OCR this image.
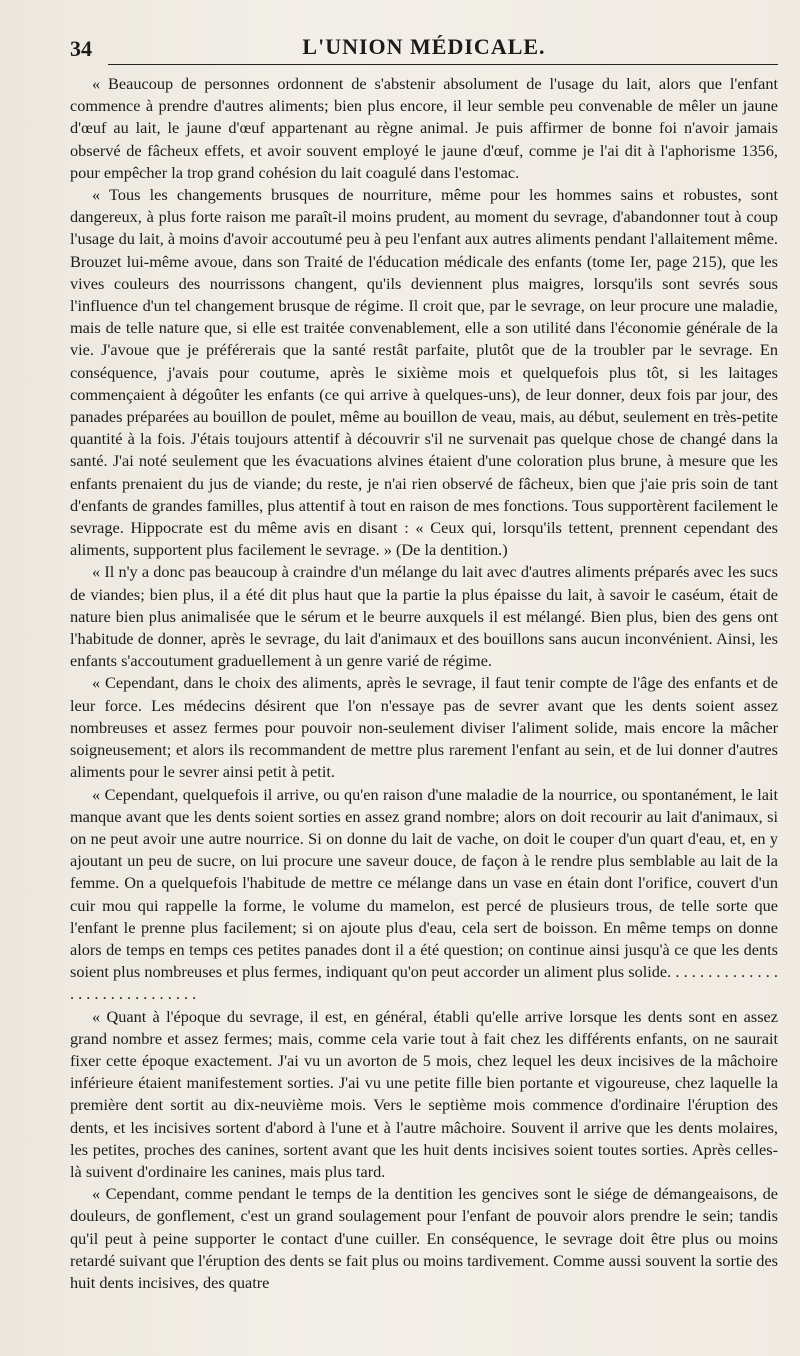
34	L'UNION MÉDICALE.

« Beaucoup de personnes ordonnent de s'abstenir absolument de l'usage du lait, alors que l'enfant commence à prendre d'autres aliments; bien plus encore, il leur semble peu convenable de mêler un jaune d'œuf au lait, le jaune d'œuf appartenant au règne animal. Je puis affirmer de bonne foi n'avoir jamais observé de fâcheux effets, et avoir souvent employé le jaune d'œuf, comme je l'ai dit à l'aphorisme 1356, pour empêcher la trop grand cohésion du lait coagulé dans l'estomac.

« Tous les changements brusques de nourriture, même pour les hommes sains et robustes, sont dangereux, à plus forte raison me paraît-il moins prudent, au moment du sevrage, d'abandonner tout à coup l'usage du lait, à moins d'avoir accoutumé peu à peu l'enfant aux autres aliments pendant l'allaitement même. Brouzet lui-même avoue, dans son Traité de l'éducation médicale des enfants (tome Ier, page 215), que les vives couleurs des nourrissons changent, qu'ils deviennent plus maigres, lorsqu'ils sont sevrés sous l'influence d'un tel changement brusque de régime. Il croit que, par le sevrage, on leur procure une maladie, mais de telle nature que, si elle est traitée convenablement, elle a son utilité dans l'économie générale de la vie. J'avoue que je préférerais que la santé restât parfaite, plutôt que de la troubler par le sevrage. En conséquence, j'avais pour coutume, après le sixième mois et quelquefois plus tôt, si les laitages commençaient à dégoûter les enfants (ce qui arrive à quelques-uns), de leur donner, deux fois par jour, des panades préparées au bouillon de poulet, même au bouillon de veau, mais, au début, seulement en très-petite quantité à la fois. J'étais toujours attentif à découvrir s'il ne survenait pas quelque chose de changé dans la santé. J'ai noté seulement que les évacuations alvines étaient d'une coloration plus brune, à mesure que les enfants prenaient du jus de viande; du reste, je n'ai rien observé de fâcheux, bien que j'aie pris soin de tant d'enfants de grandes familles, plus attentif à tout en raison de mes fonctions. Tous supportèrent facilement le sevrage. Hippocrate est du même avis en disant : « Ceux qui, lorsqu'ils tettent, prennent cependant des aliments, supportent plus facilement le sevrage. » (De la dentition.)

« Il n'y a donc pas beaucoup à craindre d'un mélange du lait avec d'autres aliments préparés avec les sucs de viandes; bien plus, il a été dit plus haut que la partie la plus épaisse du lait, à savoir le caséum, était de nature bien plus animalisée que le sérum et le beurre auxquels il est mélangé. Bien plus, bien des gens ont l'habitude de donner, après le sevrage, du lait d'animaux et des bouillons sans aucun inconvénient. Ainsi, les enfants s'accoutument graduellement à un genre varié de régime.

« Cependant, dans le choix des aliments, après le sevrage, il faut tenir compte de l'âge des enfants et de leur force. Les médecins désirent que l'on n'essaye pas de sevrer avant que les dents soient assez nombreuses et assez fermes pour pouvoir non-seulement diviser l'aliment solide, mais encore la mâcher soigneusement; et alors ils recommandent de mettre plus rarement l'enfant au sein, et de lui donner d'autres aliments pour le sevrer ainsi petit à petit.

« Cependant, quelquefois il arrive, ou qu'en raison d'une maladie de la nourrice, ou spontanément, le lait manque avant que les dents soient sorties en assez grand nombre; alors on doit recourir au lait d'animaux, si on ne peut avoir une autre nourrice. Si on donne du lait de vache, on doit le couper d'un quart d'eau, et, en y ajoutant un peu de sucre, on lui procure une saveur douce, de façon à le rendre plus semblable au lait de la femme. On a quelquefois l'habitude de mettre ce mélange dans un vase en étain dont l'orifice, couvert d'un cuir mou qui rappelle la forme, le volume du mamelon, est percé de plusieurs trous, de telle sorte que l'enfant le prenne plus facilement; si on ajoute plus d'eau, cela sert de boisson. En même temps on donne alors de temps en temps ces petites panades dont il a été question; on continue ainsi jusqu'à ce que les dents soient plus nombreuses et plus fermes, indiquant qu'on peut accorder un aliment plus solide. . . . . . . . . . . . . . . . . . . . . . . . . . . . . .

« Quant à l'époque du sevrage, il est, en général, établi qu'elle arrive lorsque les dents sont en assez grand nombre et assez fermes; mais, comme cela varie tout à fait chez les différents enfants, on ne saurait fixer cette époque exactement. J'ai vu un avorton de 5 mois, chez lequel les deux incisives de la mâchoire inférieure étaient manifestement sorties. J'ai vu une petite fille bien portante et vigoureuse, chez laquelle la première dent sortit au dix-neuvième mois. Vers le septième mois commence d'ordinaire l'éruption des dents, et les incisives sortent d'abord à l'une et à l'autre mâchoire. Souvent il arrive que les dents molaires, les petites, proches des canines, sortent avant que les huit dents incisives soient toutes sorties. Après celles-là suivent d'ordinaire les canines, mais plus tard.

« Cependant, comme pendant le temps de la dentition les gencives sont le siége de démangeaisons, de douleurs, de gonflement, c'est un grand soulagement pour l'enfant de pouvoir alors prendre le sein; tandis qu'il peut à peine supporter le contact d'une cuiller. En conséquence, le sevrage doit être plus ou moins retardé suivant que l'éruption des dents se fait plus ou moins tardivement. Comme aussi souvent la sortie des huit dents incisives, des quatre
